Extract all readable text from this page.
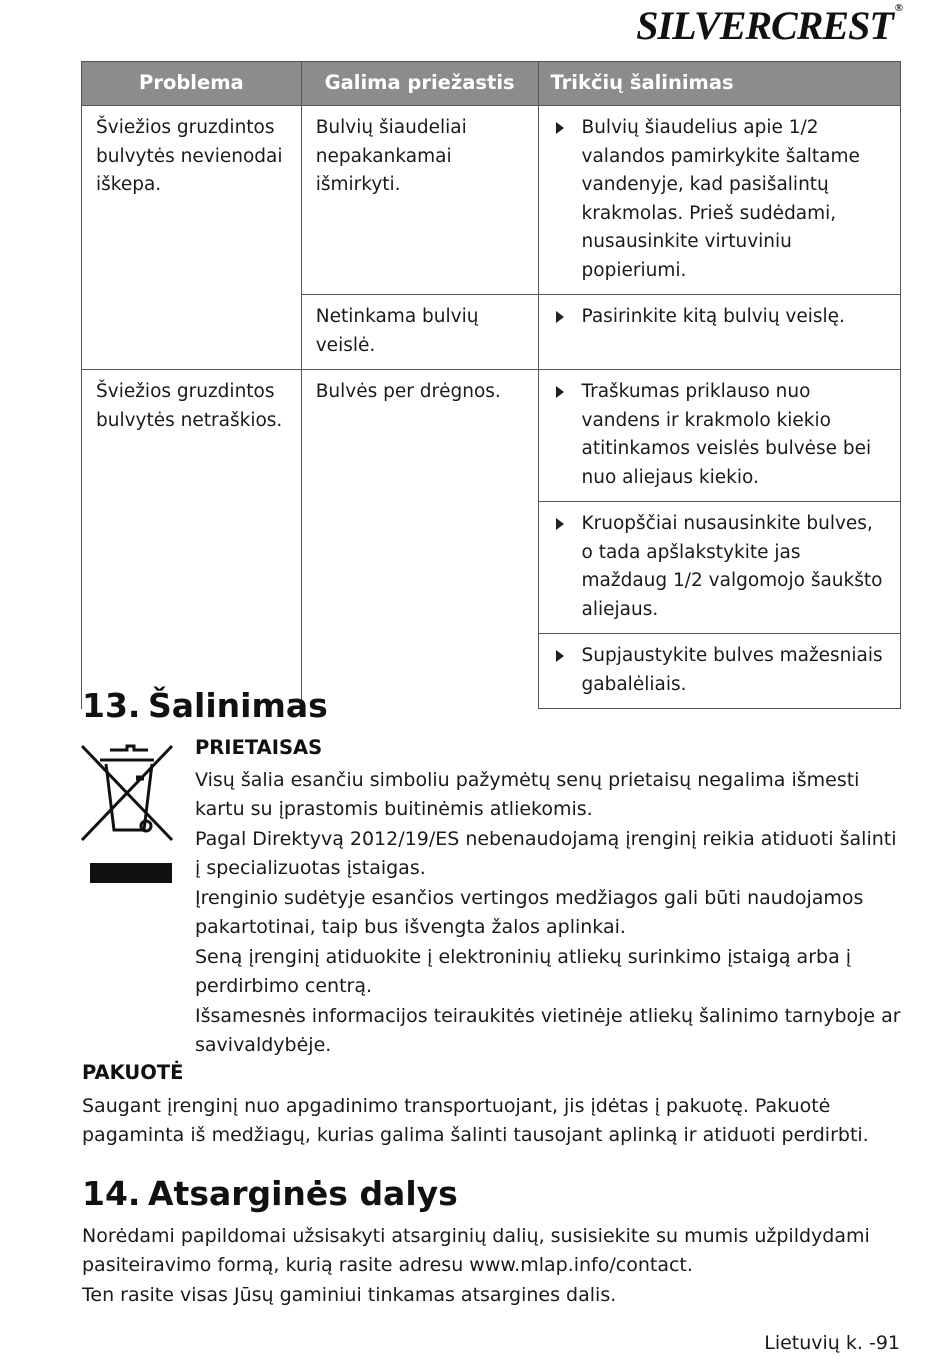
SILVERCREST ®
Problema	Galima priežastis	Trikčių šalinimas

Šviežios gruzdintos bulvytės nevienodai iškepa.	Bulvių šiaudeliai nepakankamai išmirkyti.	Bulvių šiaudelius apie 1/2 valandos pamirkykite šaltame vandenyje, kad pasišalintų krakmolas. Prieš sudėdami, nusausinkite virtuviniu popieriumi.

	Netinkama bulvių veislė.	Pasirinkite kitą bulvių veislę.

Šviežios gruzdintos bulvytės netraškios.	Bulvės per drėgnos.	Traškumas priklauso nuo vandens ir krakmolo kiekio atitinkamos veislės bulvėse bei nuo aliejaus kiekio.

		Kruopščiai nusausinkite bulves, o tada apšlakstykite jas maždaug 1/2 valgomojo šaukšto aliejaus.

		Supjaustykite bulves mažesniais gabalėliais.
13. Šalinimas
PRIETAISAS
Visų šalia esančiu simboliu pažymėtų senų prietaisų negalima išmesti kartu su įprastomis buitinėmis atliekomis.
Pagal Direktyvą 2012/19/ES nebenaudojamą įrenginį reikia atiduoti šalinti į specializuotas įstaigas.
Įrenginio sudėtyje esančios vertingos medžiagos gali būti naudojamos pakartotinai, taip bus išvengta žalos aplinkai.
Seną įrenginį atiduokite į elektroninių atliekų surinkimo įstaigą arba į perdirbimo centrą.
Išsamesnės informacijos teiraukitės vietinėje atliekų šalinimo tarnyboje ar savivaldybėje.
PAKUOTĖ
Saugant įrenginį nuo apgadinimo transportuojant, jis įdėtas į pakuotę. Pakuotė pagaminta iš medžiagų, kurias galima šalinti tausojant aplinką ir atiduoti perdirbti.
14. Atsarginės dalys
Norėdami papildomai užsisakyti atsarginių dalių, susisiekite su mumis užpildydami pasiteiravimo formą, kurią rasite adresu www.mlap.info/contact.
Ten rasite visas Jūsų gaminiui tinkamas atsargines dalis.
Lietuvių k. -91
